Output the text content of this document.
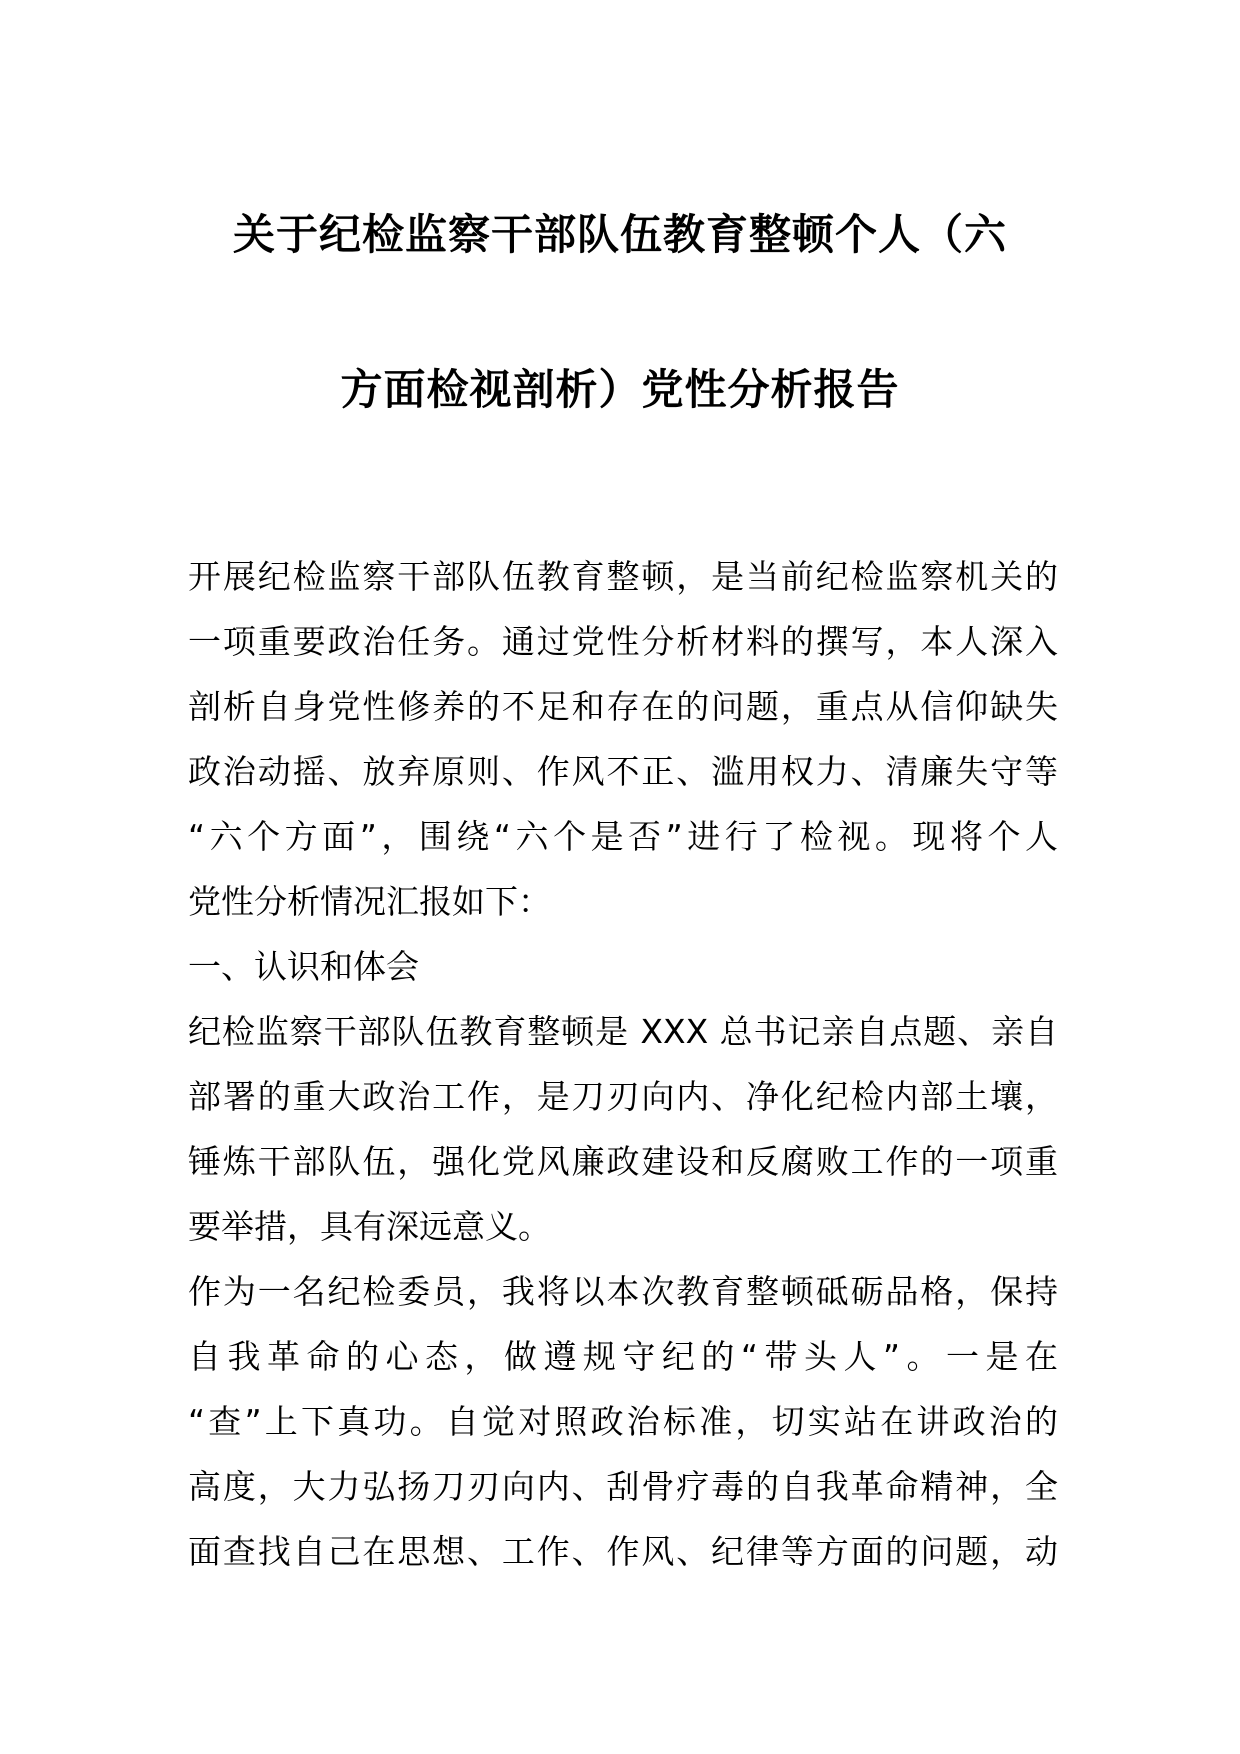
关于纪检监察干部队伍教育整顿个人（六
方面检视剖析）党性分析报告
开展纪检监察干部队伍教育整顿，是当前纪检监察机关的
一项重要政治任务。通过党性分析材料的撰写，本人深入
剖析自身党性修养的不足和存在的问题，重点从信仰缺失
政治动摇、放弃原则、作风不正、滥用权力、清廉失守等
“六个方面”，围绕“六个是否”进行了检视。现将个人
党性分析情况汇报如下：
一、认识和体会
纪检监察干部队伍教育整顿是 XXX 总书记亲自点题、亲自
部署的重大政治工作，是刀刃向内、净化纪检内部土壤，
锤炼干部队伍，强化党风廉政建设和反腐败工作的一项重
要举措，具有深远意义。
作为一名纪检委员，我将以本次教育整顿砥砺品格，保持
自我革命的心态，做遵规守纪的“带头人”。一是在
“查”上下真功。自觉对照政治标准，切实站在讲政治的
高度，大力弘扬刀刃向内、刮骨疗毒的自我革命精神，全
面查找自己在思想、工作、作风、纪律等方面的问题，动
